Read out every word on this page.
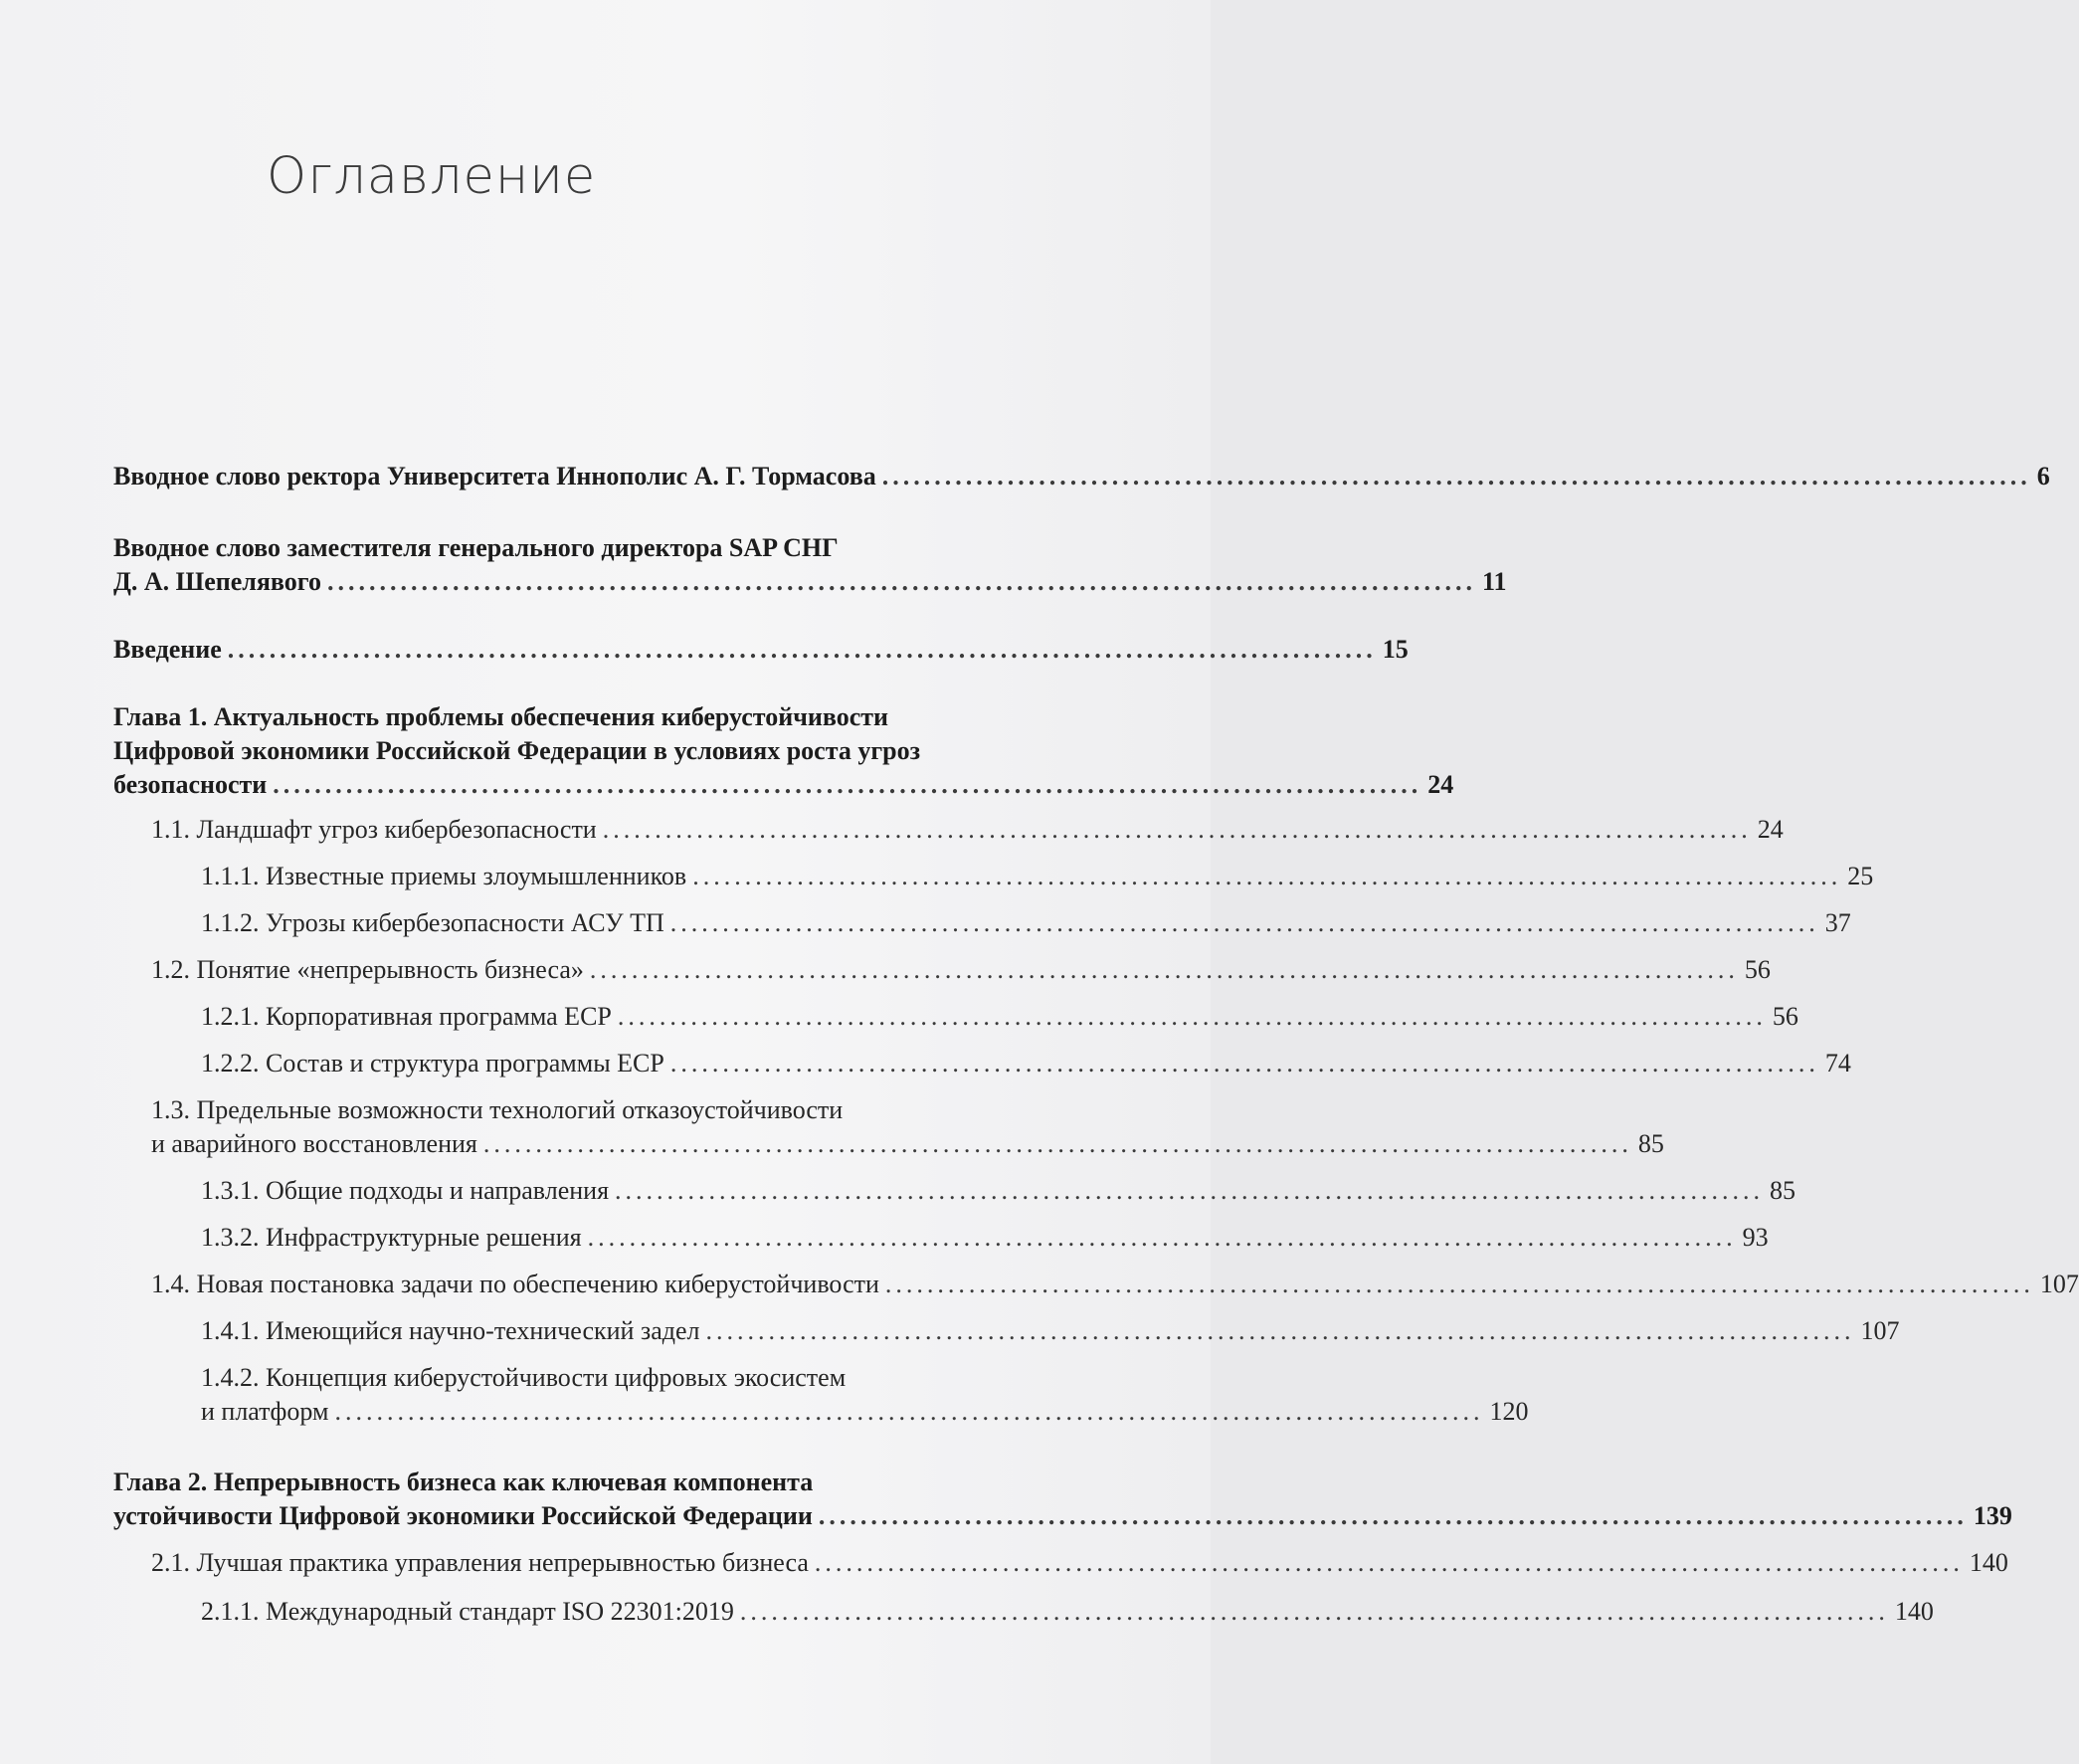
Оглавление
Вводное слово ректора Университета Иннополис А. Г. Тормасова .............................................................................................................. 6
Вводное слово заместителя генерального директора SAP СНГ
Д. А. Шепелявого .............................................................................................................. 11
Введение .............................................................................................................. 15
Глава 1. Актуальность проблемы обеспечения киберустойчивости
Цифровой экономики Российской Федерации в условиях роста угроз
безопасности .............................................................................................................. 24
1.1. Ландшафт угроз кибербезопасности .............................................................................................................. 24
1.1.1. Известные приемы злоумышленников .............................................................................................................. 25
1.1.2. Угрозы кибербезопасности АСУ ТП .............................................................................................................. 37
1.2. Понятие «непрерывность бизнеса» .............................................................................................................. 56
1.2.1. Корпоративная программа ЕСР .............................................................................................................. 56
1.2.2. Состав и структура программы ЕСР .............................................................................................................. 74
1.3. Предельные возможности технологий отказоустойчивости
и аварийного восстановления .............................................................................................................. 85
1.3.1. Общие подходы и направления .............................................................................................................. 85
1.3.2. Инфраструктурные решения .............................................................................................................. 93
1.4. Новая постановка задачи по обеспечению киберустойчивости .............................................................................................................. 107
1.4.1. Имеющийся научно-технический задел .............................................................................................................. 107
1.4.2. Концепция киберустойчивости цифровых экосистем
и платформ .............................................................................................................. 120
Глава 2. Непрерывность бизнеса как ключевая компонента
устойчивости Цифровой экономики Российской Федерации .............................................................................................................. 139
2.1. Лучшая практика управления непрерывностью бизнеса .............................................................................................................. 140
2.1.1. Международный стандарт ISO 22301:2019 .............................................................................................................. 140
